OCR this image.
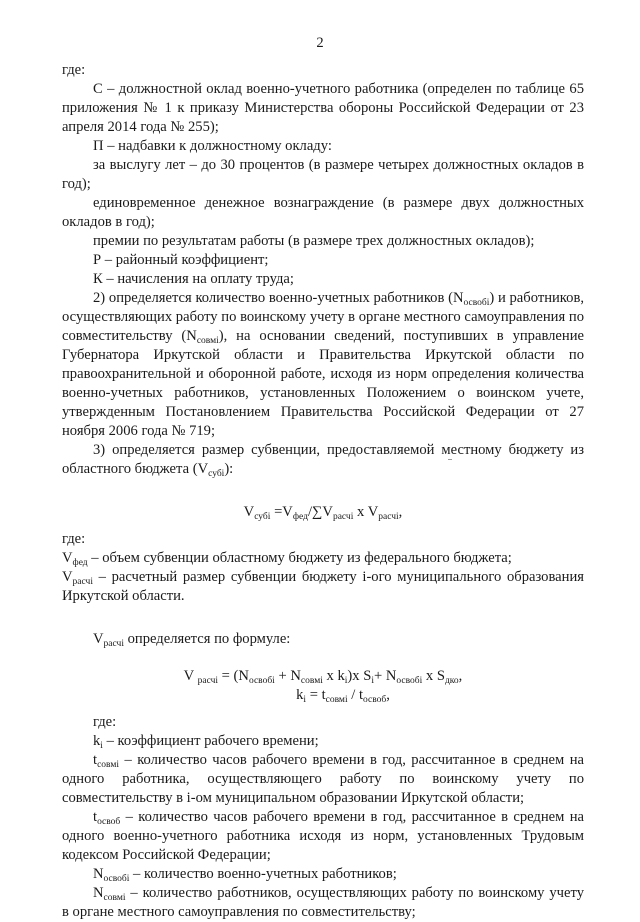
2

где:

С – должностной оклад военно-учетного работника (определен по таблице 65 приложения № 1 к приказу Министерства обороны Российской Федерации от 23 апреля 2014 года № 255);

П – надбавки к должностному окладу:

за выслугу лет – до 30 процентов (в размере четырех должностных окладов в год);

единовременное денежное вознаграждение (в размере двух должностных окладов в год);

премии по результатам работы (в размере трех должностных окладов);

Р – районный коэффициент;

К – начисления на оплату труда;

2) определяется количество военно-учетных работников $(N_{освобi})$ и работников, осуществляющих работу по воинскому учету в органе местного самоуправления по совместительству $(N_{совмi})$, на основании сведений, поступивших в управление Губернатора Иркутской области и Правительства Иркутской области по правоохранительной и оборонной работе, исходя из норм определения количества военно-учетных работников, установленных Положением о воинском учете, утвержденным Постановлением Правительства Российской Федерации от 27 ноября 2006 года № 719;

3) определяется размер субвенции, предоставляемой местному бюджету из областного бюджета $(V_{субi})$:

$V_{субi} =V_{фед}/\sum V_{расчi}$ x $V_{расчi}$,

где:

$V_{фед}$ – объем субвенции областному бюджету из федерального бюджета;

$V_{расчi}$ – расчетный размер субвенции бюджету i-ого муниципального образования Иркутской области.

$V_{расчi}$ определяется по формуле:

V $_{расчi} = (N_{освобi} + N_{совмi}$ x $k_i)x$ $S_i+ N_{освобi}$ x $S_{дко}$,

$k_i = t_{совмi} / t_{освоб}$,

где:

$k_i$ – коэффициент рабочего времени;

$t_{совмi}$ – количество часов рабочего времени в год, рассчитанное в среднем на одного работника, осуществляющего работу по воинскому учету по совместительству в i-ом муниципальном образовании Иркутской области;

$t_{освоб}$ – количество часов рабочего времени в год, рассчитанное в среднем на одного военно-учетного работника исходя из норм, установленных Трудовым кодексом Российской Федерации;

$N_{освобi}$ – количество военно-учетных работников;

$N_{совмi}$ – количество работников, осуществляющих работу по воинскому учету в органе местного самоуправления по совместительству;
